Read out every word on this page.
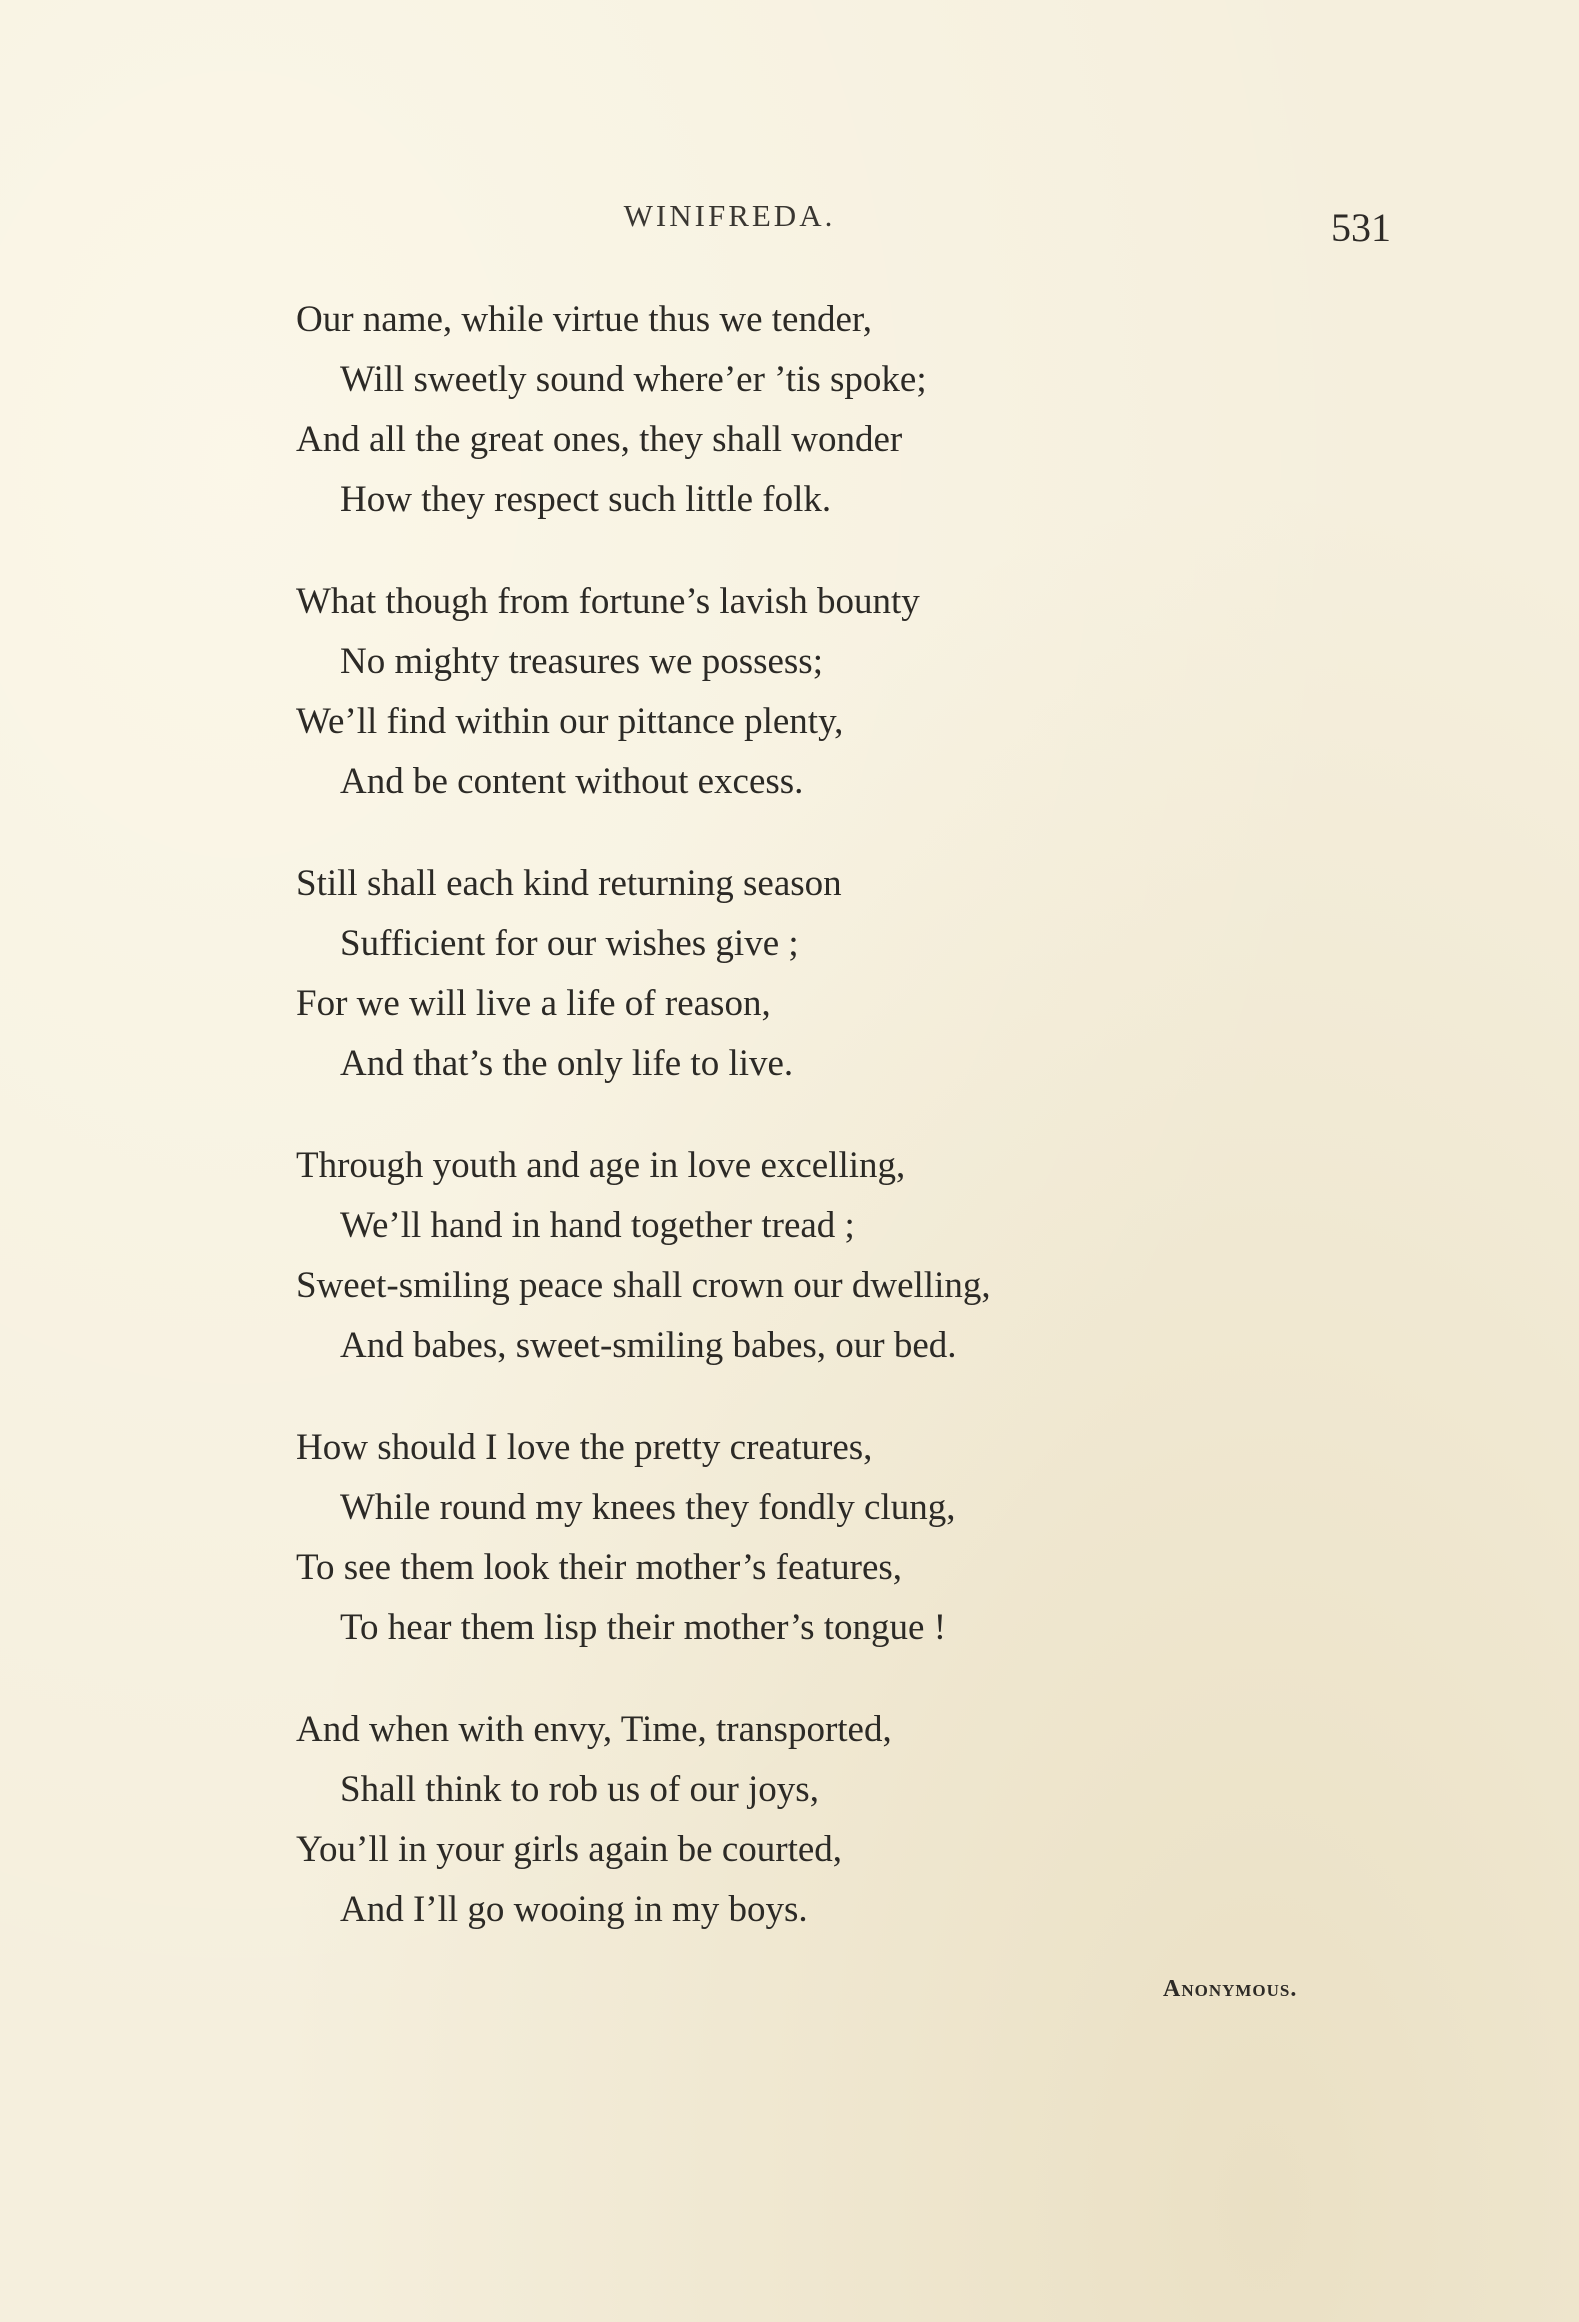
WINIFREDA.	531
Our name, while virtue thus we tender,
Will sweetly sound where’er ’tis spoke;
And all the great ones, they shall wonder
How they respect such little folk.
What though from fortune’s lavish bounty
No mighty treasures we possess;
We’ll find within our pittance plenty,
And be content without excess.
Still shall each kind returning season
Sufficient for our wishes give ;
For we will live a life of reason,
And that’s the only life to live.
Through youth and age in love excelling,
We’ll hand in hand together tread ;
Sweet-smiling peace shall crown our dwelling,
And babes, sweet-smiling babes, our bed.
How should I love the pretty creatures,
While round my knees they fondly clung,
To see them look their mother’s features,
To hear them lisp their mother’s tongue !
And when with envy, Time, transported,
Shall think to rob us of our joys,
You’ll in your girls again be courted,
And I’ll go wooing in my boys.
Anonymous.
